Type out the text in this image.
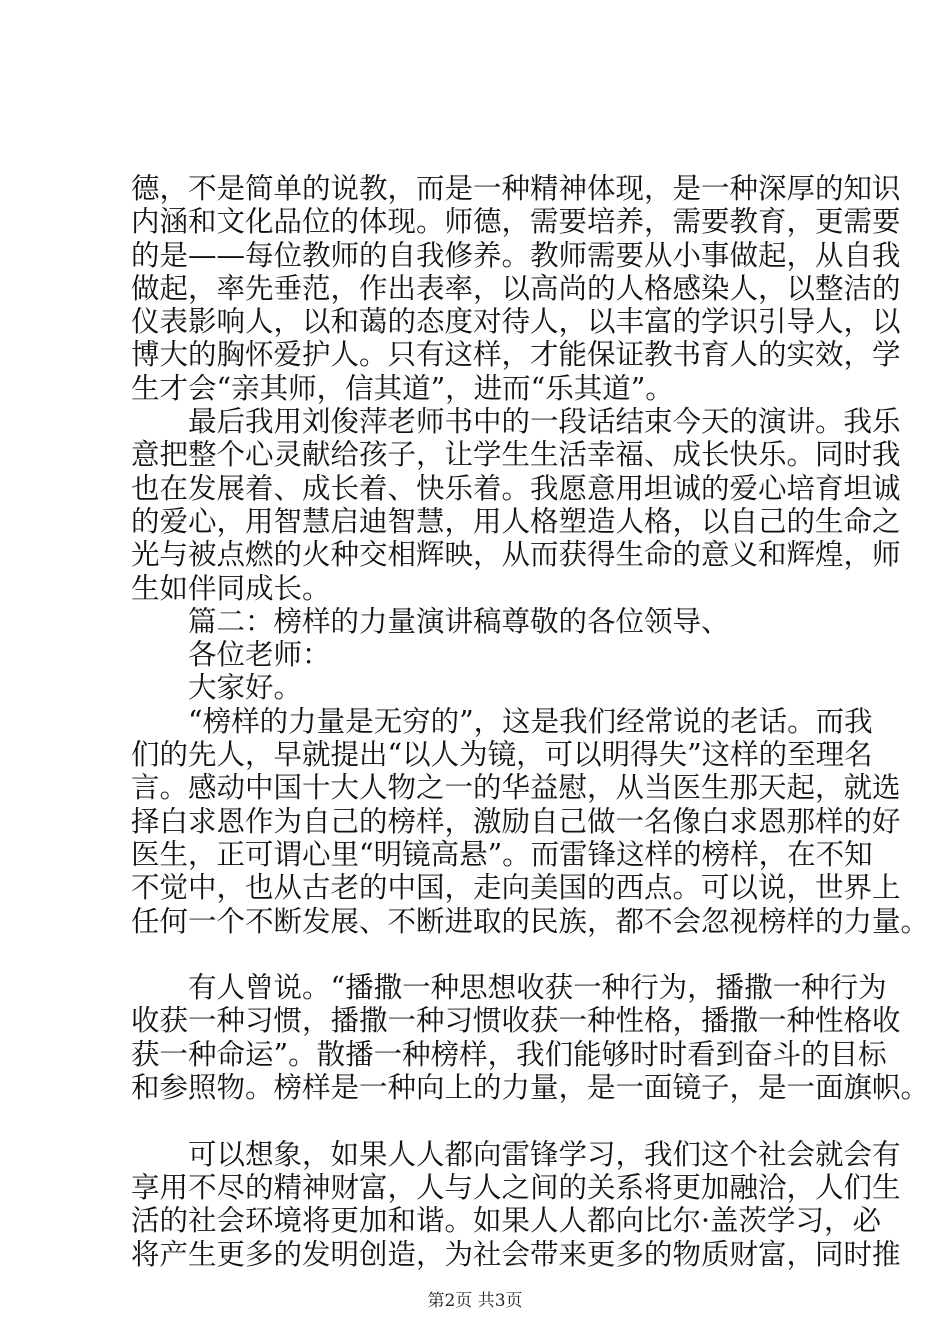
德，不是简单的说教，而是一种精神体现，是一种深厚的知识
内涵和文化品位的体现。师德，需要培养，需要教育，更需要
的是——每位教师的自我修养。教师需要从小事做起，从自我
做起，率先垂范，作出表率，以高尚的人格感染人，以整洁的
仪表影响人，以和蔼的态度对待人，以丰富的学识引导人，以
博大的胸怀爱护人。只有这样，才能保证教书育人的实效，学
生才会“亲其师，信其道”，进而“乐其道”。
　　最后我用刘俊萍老师书中的一段话结束今天的演讲。我乐
意把整个心灵献给孩子，让学生生活幸福、成长快乐。同时我
也在发展着、成长着、快乐着。我愿意用坦诚的爱心培育坦诚
的爱心，用智慧启迪智慧，用人格塑造人格，以自己的生命之
光与被点燃的火种交相辉映，从而获得生命的意义和辉煌，师
生如伴同成长。
　　篇二：榜样的力量演讲稿尊敬的各位领导、
　　各位老师：
　　大家好。
　　“榜样的力量是无穷的”，这是我们经常说的老话。而我
们的先人，早就提出“以人为镜，可以明得失”这样的至理名
言。感动中国十大人物之一的华益慰，从当医生那天起，就选
择白求恩作为自己的榜样，激励自己做一名像白求恩那样的好
医生，正可谓心里“明镜高悬”。而雷锋这样的榜样，在不知
不觉中，也从古老的中国，走向美国的西点。可以说，世界上
任何一个不断发展、不断进取的民族，都不会忽视榜样的力量。
　　有人曾说。“播撒一种思想收获一种行为，播撒一种行为
收获一种习惯，播撒一种习惯收获一种性格，播撒一种性格收
获一种命运”。散播一种榜样，我们能够时时看到奋斗的目标
和参照物。榜样是一种向上的力量，是一面镜子，是一面旗帜。
　　可以想象，如果人人都向雷锋学习，我们这个社会就会有
享用不尽的精神财富，人与人之间的关系将更加融洽，人们生
活的社会环境将更加和谐。如果人人都向比尔·盖茨学习，必
将产生更多的发明创造，为社会带来更多的物质财富，同时推
第2页 共3页
